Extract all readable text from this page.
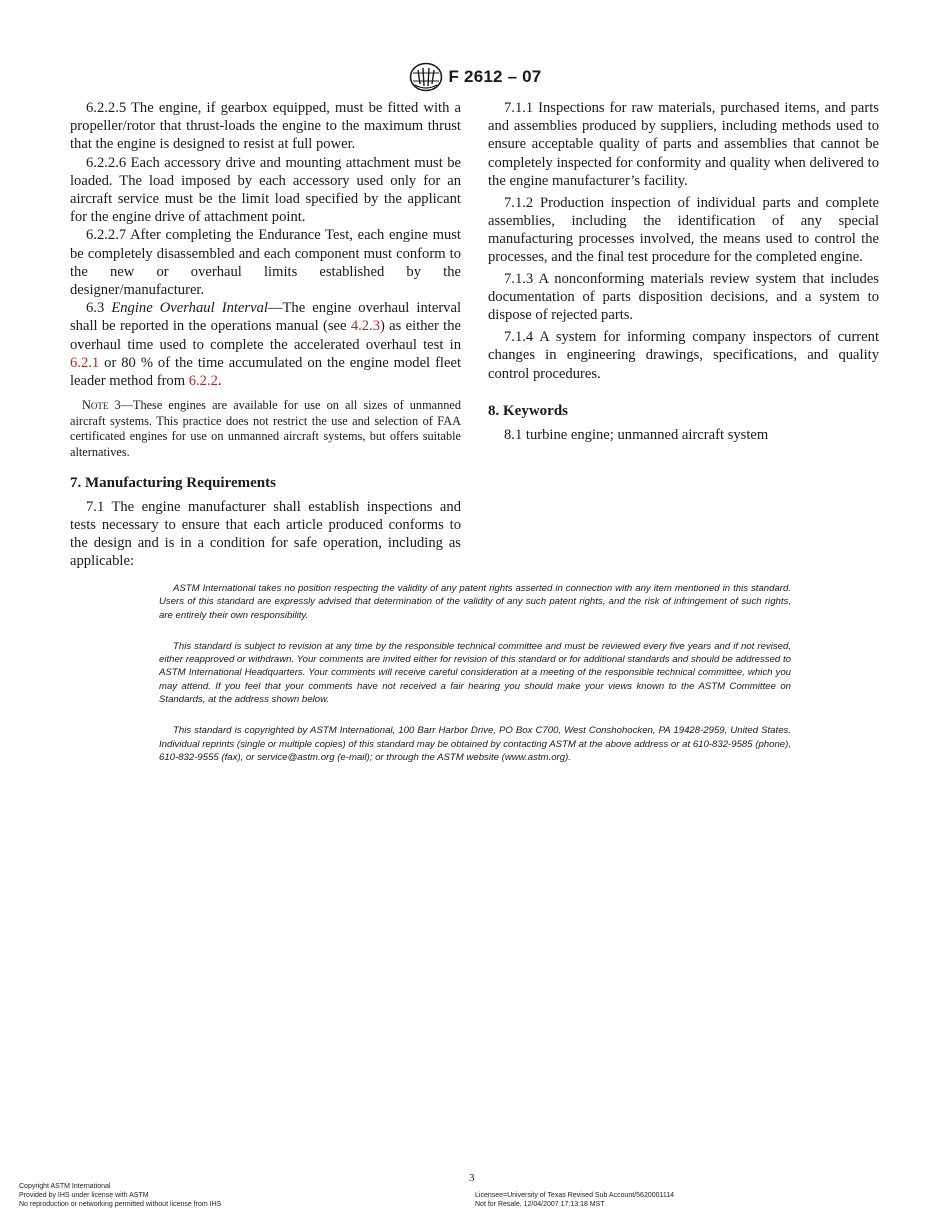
F 2612 – 07

6.2.2.5 The engine, if gearbox equipped, must be fitted with a propeller/rotor that thrust-loads the engine to the maximum thrust that the engine is designed to resist at full power.

6.2.2.6 Each accessory drive and mounting attachment must be loaded. The load imposed by each accessory used only for an aircraft service must be the limit load specified by the applicant for the engine drive of attachment point.

6.2.2.7 After completing the Endurance Test, each engine must be completely disassembled and each component must conform to the new or overhaul limits established by the designer/manufacturer.

6.3 Engine Overhaul Interval—The engine overhaul interval shall be reported in the operations manual (see 4.2.3) as either the overhaul time used to complete the accelerated overhaul test in 6.2.1 or 80 % of the time accumulated on the engine model fleet leader method from 6.2.2.

Note 3—These engines are available for use on all sizes of unmanned aircraft systems. This practice does not restrict the use and selection of FAA certificated engines for use on unmanned aircraft systems, but offers suitable alternatives.
7. Manufacturing Requirements

7.1 The engine manufacturer shall establish inspections and tests necessary to ensure that each article produced conforms to the design and is in a condition for safe operation, including as applicable:

7.1.1 Inspections for raw materials, purchased items, and parts and assemblies produced by suppliers, including methods used to ensure acceptable quality of parts and assemblies that cannot be completely inspected for conformity and quality when delivered to the engine manufacturer’s facility.

7.1.2 Production inspection of individual parts and complete assemblies, including the identification of any special manufacturing processes involved, the means used to control the processes, and the final test procedure for the completed engine.

7.1.3 A nonconforming materials review system that includes documentation of parts disposition decisions, and a system to dispose of rejected parts.

7.1.4 A system for informing company inspectors of current changes in engineering drawings, specifications, and quality control procedures.

8. Keywords

8.1 turbine engine; unmanned aircraft system

ASTM International takes no position respecting the validity of any patent rights asserted in connection with any item mentioned in this standard. Users of this standard are expressly advised that determination of the validity of any such patent rights, and the risk of infringement of such rights, are entirely their own responsibility.

This standard is subject to revision at any time by the responsible technical committee and must be reviewed every five years and if not revised, either reapproved or withdrawn. Your comments are invited either for revision of this standard or for additional standards and should be addressed to ASTM International Headquarters. Your comments will receive careful consideration at a meeting of the responsible technical committee, which you may attend. If you feel that your comments have not received a fair hearing you should make your views known to the ASTM Committee on Standards, at the address shown below.

This standard is copyrighted by ASTM International, 100 Barr Harbor Drive, PO Box C700, West Conshohocken, PA 19428-2959, United States. Individual reprints (single or multiple copies) of this standard may be obtained by contacting ASTM at the above address or at 610-832-9585 (phone), 610-832-9555 (fax), or service@astm.org (e-mail); or through the ASTM website (www.astm.org).

3
Copyright ASTM International
Provided by IHS under license with ASTM
No reproduction or networking permitted without license from IHS
Licensee=University of Texas Revised Sub Account/5620001114
Not for Resale, 12/04/2007 17:13:18 MST
